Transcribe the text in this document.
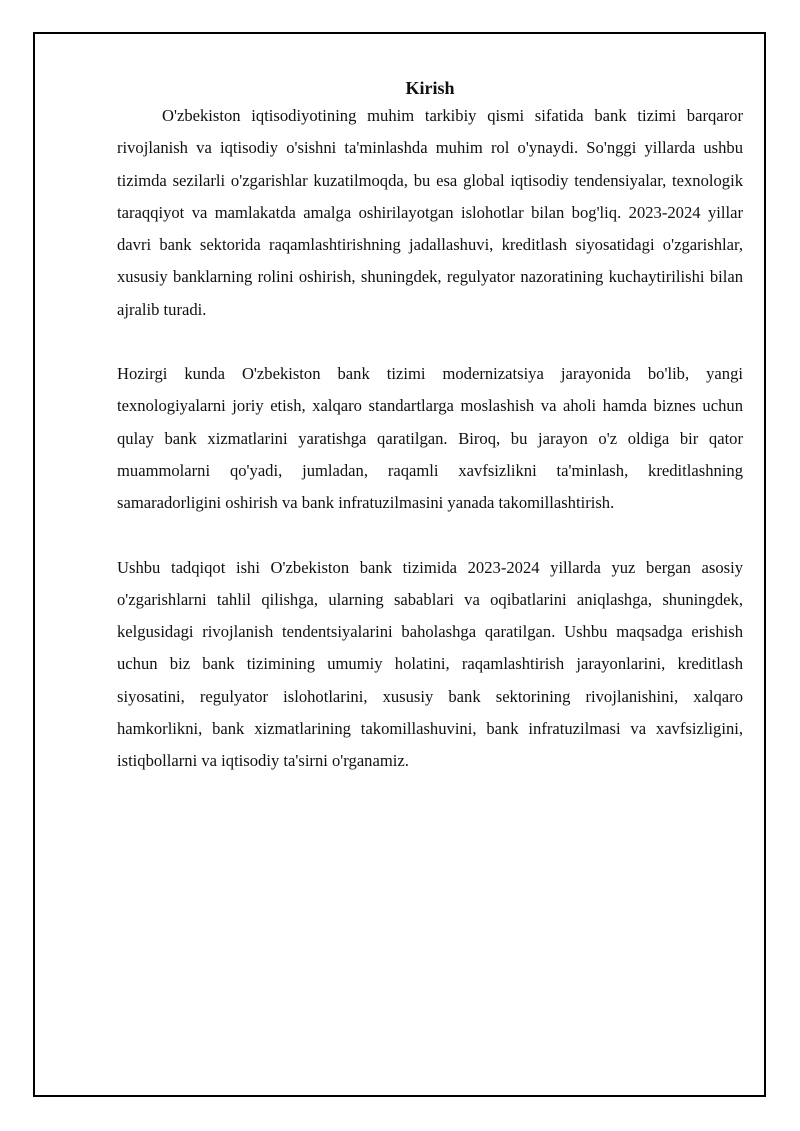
Kirish

O'zbekiston iqtisodiyotining muhim tarkibiy qismi sifatida bank tizimi barqaror rivojlanish va iqtisodiy o'sishni ta'minlashda muhim rol o'ynaydi. So'nggi yillarda ushbu tizimda sezilarli o'zgarishlar kuzatilmoqda, bu esa global iqtisodiy tendensiyalar, texnologik taraqqiyot va mamlakatda amalga oshirilayotgan islohotlar bilan bog'liq. 2023-2024 yillar davri bank sektorida raqamlashtirishning jadallashuvi, kreditlash siyosatidagi o'zgarishlar, xususiy banklarning rolini oshirish, shuningdek, regulyator nazoratining kuchaytirilishi bilan ajralib turadi.

Hozirgi kunda O'zbekiston bank tizimi modernizatsiya jarayonida bo'lib, yangi texnologiyalarni joriy etish, xalqaro standartlarga moslashish va aholi hamda biznes uchun qulay bank xizmatlarini yaratishga qaratilgan. Biroq, bu jarayon o'z oldiga bir qator muammolarni qo'yadi, jumladan, raqamli xavfsizlikni ta'minlash, kreditlashning samaradorligini oshirish va bank infratuzilmasini yanada takomillashtirish.

Ushbu tadqiqot ishi O'zbekiston bank tizimida 2023-2024 yillarda yuz bergan asosiy o'zgarishlarni tahlil qilishga, ularning sabablari va oqibatlarini aniqlashga, shuningdek, kelgusidagi rivojlanish tendentsiyalarini baholashga qaratilgan. Ushbu maqsadga erishish uchun biz bank tizimining umumiy holatini, raqamlashtirish jarayonlarini, kreditlash siyosatini, regulyator islohotlarini, xususiy bank sektorining rivojlanishini, xalqaro hamkorlikni, bank xizmatlarining takomillashuvini, bank infratuzilmasi va xavfsizligini, istiqbollarni va iqtisodiy ta'sirni o'rganamiz.
